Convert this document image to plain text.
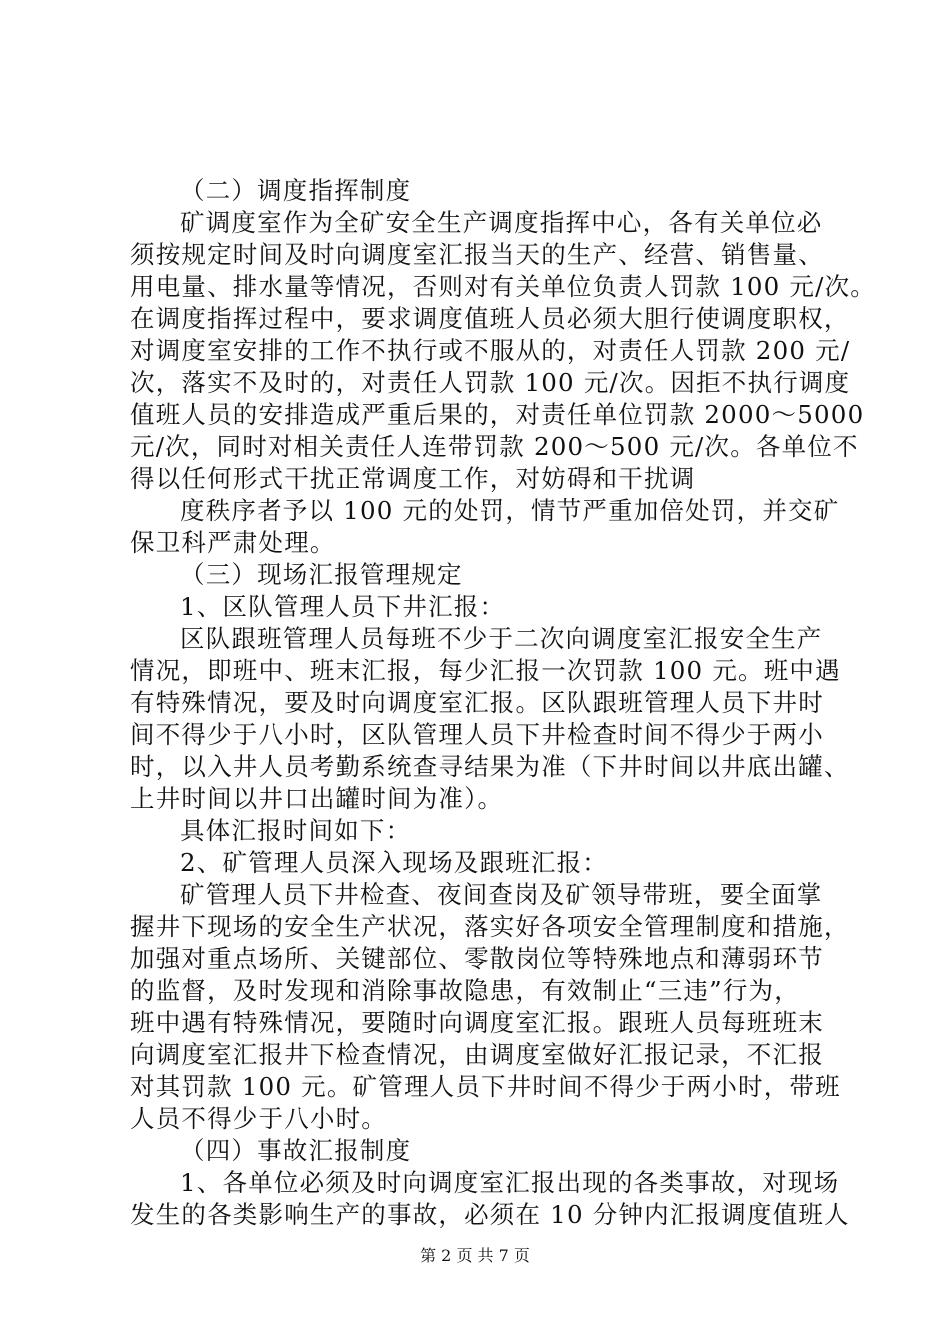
（二）调度指挥制度
矿调度室作为全矿安全生产调度指挥中心，各有关单位必
须按规定时间及时向调度室汇报当天的生产、经营、销售量、
用电量、排水量等情况，否则对有关单位负责人罚款 100 元/次。
在调度指挥过程中，要求调度值班人员必须大胆行使调度职权，
对调度室安排的工作不执行或不服从的，对责任人罚款 200 元/
次，落实不及时的，对责任人罚款 100 元/次。因拒不执行调度
值班人员的安排造成严重后果的，对责任单位罚款 2000～5000
元/次，同时对相关责任人连带罚款 200～500 元/次。各单位不
得以任何形式干扰正常调度工作，对妨碍和干扰调
度秩序者予以 100 元的处罚，情节严重加倍处罚，并交矿
保卫科严肃处理。
（三）现场汇报管理规定
1、区队管理人员下井汇报：
区队跟班管理人员每班不少于二次向调度室汇报安全生产
情况，即班中、班末汇报，每少汇报一次罚款 100 元。班中遇
有特殊情况，要及时向调度室汇报。区队跟班管理人员下井时
间不得少于八小时，区队管理人员下井检查时间不得少于两小
时，以入井人员考勤系统查寻结果为准（下井时间以井底出罐、
上井时间以井口出罐时间为准）。
具体汇报时间如下：
2、矿管理人员深入现场及跟班汇报：
矿管理人员下井检查、夜间查岗及矿领导带班，要全面掌
握井下现场的安全生产状况，落实好各项安全管理制度和措施，
加强对重点场所、关键部位、零散岗位等特殊地点和薄弱环节
的监督，及时发现和消除事故隐患，有效制止“三违”行为，
班中遇有特殊情况，要随时向调度室汇报。跟班人员每班班末
向调度室汇报井下检查情况，由调度室做好汇报记录，不汇报
对其罚款 100 元。矿管理人员下井时间不得少于两小时，带班
人员不得少于八小时。
（四）事故汇报制度
1、各单位必须及时向调度室汇报出现的各类事故，对现场
发生的各类影响生产的事故，必须在 10 分钟内汇报调度值班人
第 2 页 共 7 页
